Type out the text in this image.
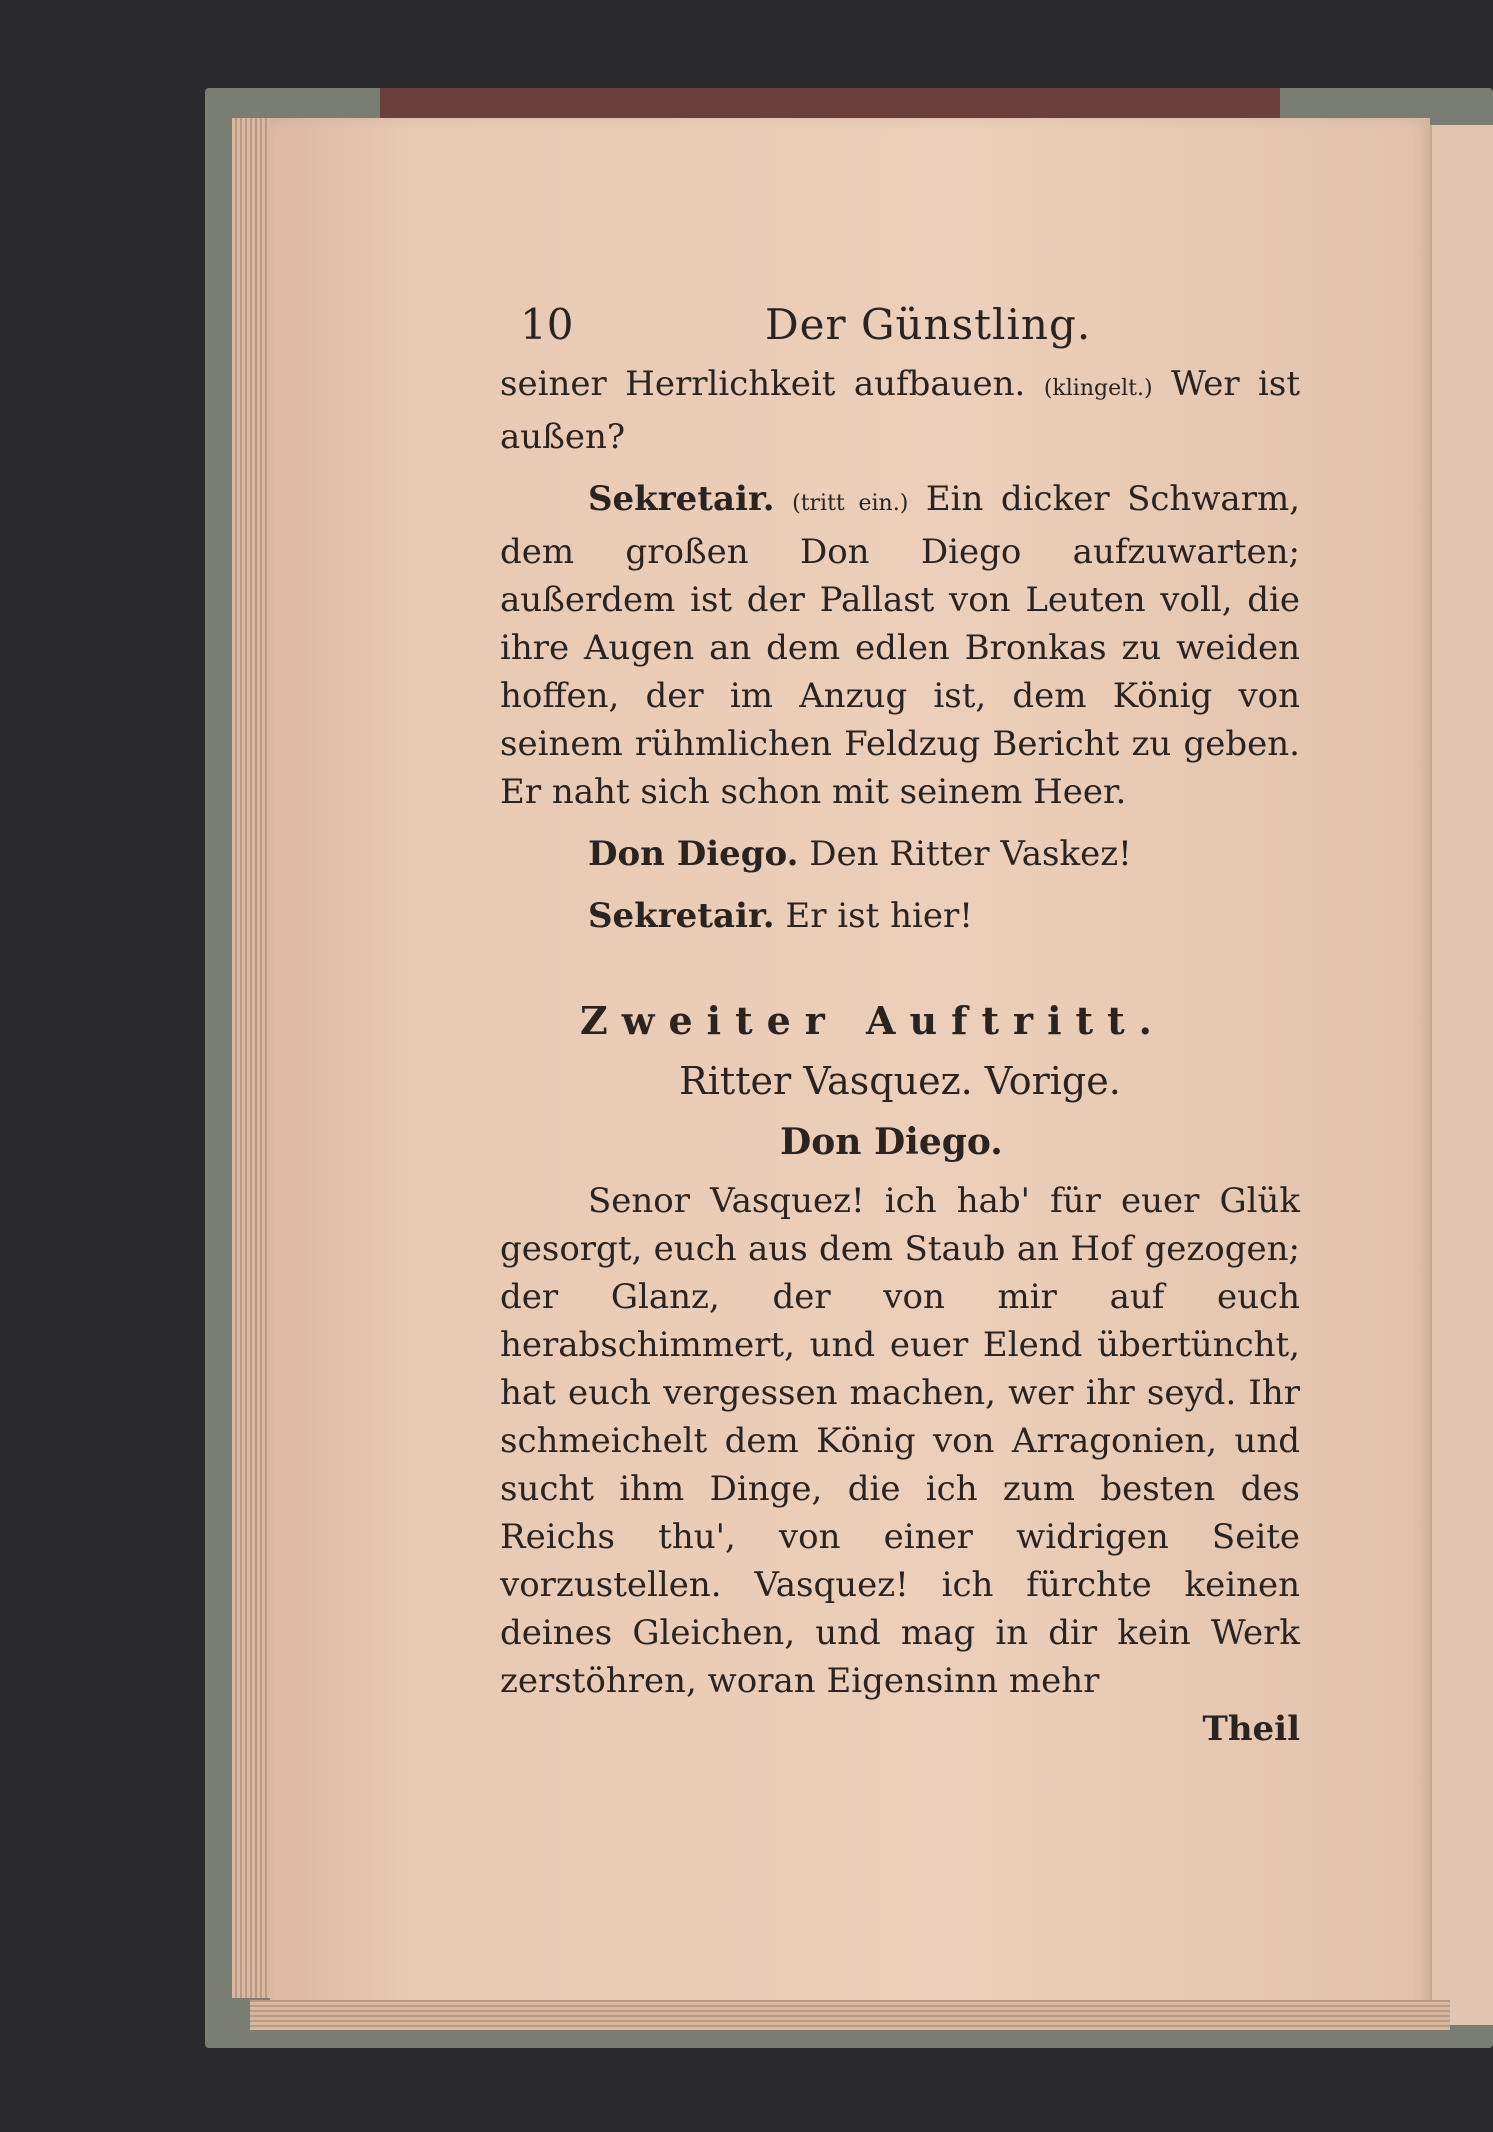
10	Der Günstling.

seiner Herrlichkeit aufbauen. (klingelt.) Wer ist außen?

Sekretair. (tritt ein.) Ein dicker Schwarm, dem großen Don Diego aufzuwarten; außerdem ist der Pallast von Leuten voll, die ihre Augen an dem edlen Bronkas zu weiden hoffen, der im Anzug ist, dem König von seinem rühmlichen Feldzug Bericht zu geben. Er naht sich schon mit seinem Heer.

Don Diego. Den Ritter Vaskez!

Sekretair. Er ist hier!

Zweiter Auftritt.
Ritter Vasquez. Vorige.
Don Diego.

Senor Vasquez! ich hab' für euer Glük gesorgt, euch aus dem Staub an Hof gezogen; der Glanz, der von mir auf euch herabschimmert, und euer Elend übertüncht, hat euch vergessen machen, wer ihr seyd. Ihr schmeichelt dem König von Arragonien, und sucht ihm Dinge, die ich zum besten des Reichs thu', von einer widrigen Seite vorzustellen. Vasquez! ich fürchte keinen deines Gleichen, und mag in dir kein Werk zerstöhren, woran Eigensinn mehr

Theil
